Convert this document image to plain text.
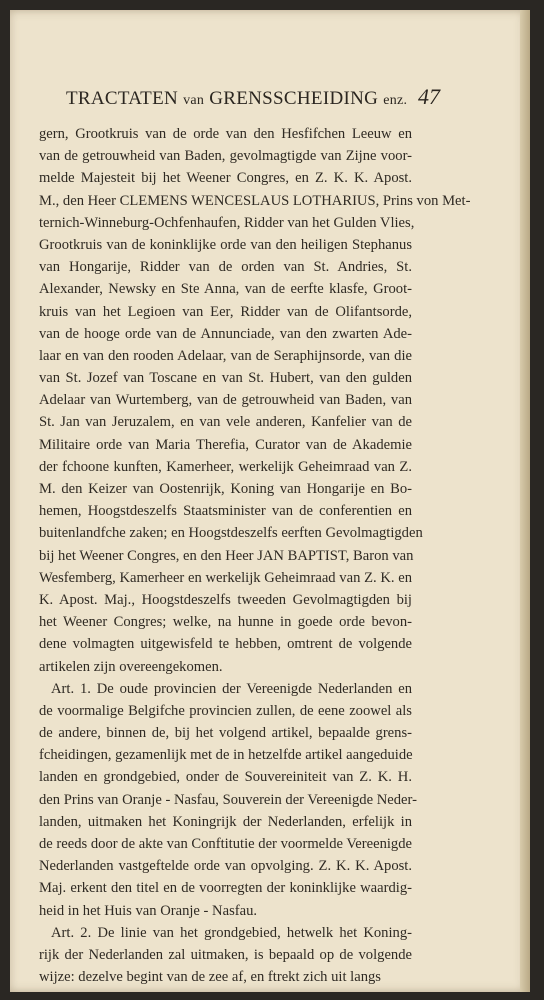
TRACTATEN van GRENSSCHEIDING enz. 47
gern, Grootkruis van de orde van den Hesfifchen Leeuw en
van de getrouwheid van Baden, gevolmagtigde van Zijne voor-
melde Majesteit bij het Weener Congres, en Z. K. K. Apost.
M., den Heer CLEMENS WENCESLAUS LOTHARIUS, Prins von Met-
ternich-Winneburg-Ochfenhaufen, Ridder van het Gulden Vlies,
Grootkruis van de koninklijke orde van den heiligen Stephanus
van Hongarije, Ridder van de orden van St. Andries, St.
Alexander, Newsky en Ste Anna, van de eerfte klasfe, Groot-
kruis van het Legioen van Eer, Ridder van de Olifantsorde,
van de hooge orde van de Annunciade, van den zwarten Ade-
laar en van den rooden Adelaar, van de Seraphijnsorde, van die
van St. Jozef van Toscane en van St. Hubert, van den gulden
Adelaar van Wurtemberg, van de getrouwheid van Baden, van
St. Jan van Jeruzalem, en van vele anderen, Kanfelier van de
Militaire orde van Maria Therefia, Curator van de Akademie
der fchoone kunften, Kamerheer, werkelijk Geheimraad van Z.
M. den Keizer van Oostenrijk, Koning van Hongarije en Bo-
hemen, Hoogstdeszelfs Staatsminister van de conferentien en
buitenlandfche zaken; en Hoogstdeszelfs eerften Gevolmagtigden
bij het Weener Congres, en den Heer JAN BAPTIST, Baron van
Wesfemberg, Kamerheer en werkelijk Geheimraad van Z. K. en
K. Apost. Maj., Hoogstdeszelfs tweeden Gevolmagtigden bij
het Weener Congres; welke, na hunne in goede orde bevon-
dene volmagten uitgewisfeld te hebben, omtrent de volgende
artikelen zijn overeengekomen.
Art. 1. De oude provincien der Vereenigde Nederlanden en
de voormalige Belgifche provincien zullen, de eene zoowel als
de andere, binnen de, bij het volgend artikel, bepaalde grens-
fcheidingen, gezamenlijk met de in hetzelfde artikel aangeduide
landen en grondgebied, onder de Souvereiniteit van Z. K. H.
den Prins van Oranje - Nasfau, Souverein der Vereenigde Neder-
landen, uitmaken het Koningrijk der Nederlanden, erfelijk in
de reeds door de akte van Conftitutie der voormelde Vereenigde
Nederlanden vastgeftelde orde van opvolging. Z. K. K. Apost.
Maj. erkent den titel en de voorregten der koninklijke waardig-
heid in het Huis van Oranje - Nasfau.
Art. 2. De linie van het grondgebied, hetwelk het Koning-
rijk der Nederlanden zal uitmaken, is bepaald op de volgende
wijze: dezelve begint van de zee af, en ftrekt zich uit langs
